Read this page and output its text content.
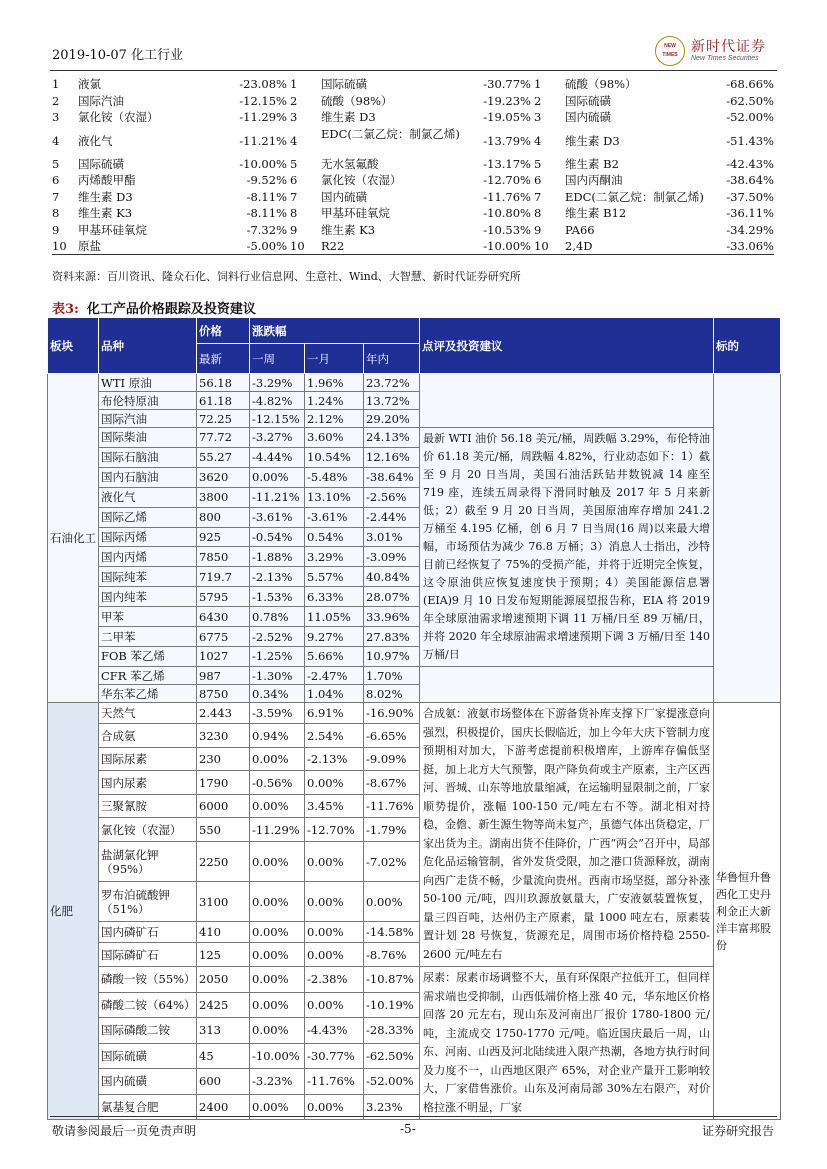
2019-10-07 化工行业
NEW TIMES 新时代证券
New Times Securities
1	液氯	-23.08% 1	国际硫磺	-30.77% 1	硫酸（98%）	-68.66%
2	国际汽油	-12.15% 2	硫酸（98%）	-19.23% 2	国际硫磺	-62.50%
3	氯化铵（农湿）	-11.29% 3	维生素 D3	-19.05% 3	国内硫磺	-52.00%
4	液化气	-11.21% 4	EDC(二氯乙烷：制氯乙烯)	-13.79% 4	维生素 D3	-51.43%
5	国际硫磺	-10.00% 5	无水氢氟酸	-13.17% 5	维生素 B2	-42.43%
6	丙烯酸甲酯	-9.52% 6	氯化铵（农湿）	-12.70% 6	国内丙酮油	-38.64%
7	维生素 D3	-8.11% 7	国内硫磺	-11.76% 7	EDC(二氯乙烷：制氯乙烯)	-37.50%
8	维生素 K3	-8.11% 8	甲基环硅氧烷	-10.80% 8	维生素 B12	-36.11%
9	甲基环硅氧烷	-7.32% 9	维生素 K3	-10.53% 9	PA66	-34.29%
10 原盐	-5.00% 10	R22	-10.00% 10	2,4D	-33.06%
资料来源：百川资讯、隆众石化、饲料行业信息网、生意社、Wind、大智慧、新时代证券研究所
表3: 化工产品价格跟踪及投资建议
板块	品种	价格	涨跌幅			点评及投资建议	标的
		最新	一周	一月	年内		
石油化工	WTI 原油	56.18	-3.29%	1.96%	23.72%		
	布伦特原油	61.18	-4.82%	1.24%	13.72%		
	国际汽油	72.25	-12.15%	2.12%	29.20%		
	国际柴油	77.72	-3.27%	3.60%	24.13%	最新 WTI 油价 56.18 美元/桶，周跌幅 3.29%，布伦特油价 61.18 美元/桶，周跌幅 4.82%，行业动态如下：1）截至 9 月 20 日当周，美国石油活跃钻井数锐减 14 座至 719 座，连续五周录得下滑同时触及 2017 年 5 月来新低；2）截至 9 月 20 日当周，美国原油库存增加 241.2 万桶至 4.195 亿桶，创 6 月 7 日当周(16 周)以来最大增幅，市场预估为减少 76.8 万桶；3）消息人士指出，沙特目前已经恢复了 75%的受损产能，并将于近期完全恢复，这令原油供应恢复速度快于预期；4）美国能源信息署(EIA)9 月 10 日发布短期能源展望报告称，EIA 将 2019 年全球原油需求增速预期下调 11 万桶/日至 89 万桶/日，并将 2020 年全球原油需求增速预期下调 3 万桶/日至 140 万桶/日	
	国际石脑油	55.27	-4.44%	10.54%	12.16%		
	国内石脑油	3620	0.00%	-5.48%	-38.64%		
	液化气	3800	-11.21%	13.10%	-2.56%		
	国际乙烯	800	-3.61%	-3.61%	-2.44%		
	国际丙烯	925	-0.54%	0.54%	3.01%		
	国内丙烯	7850	-1.88%	3.29%	-3.09%		
	国际纯苯	719.7	-2.13%	5.57%	40.84%		
	国内纯苯	5795	-1.53%	6.33%	28.07%		
	甲苯	6430	0.78%	11.05%	33.96%		
	二甲苯	6775	-2.52%	9.27%	27.83%		
	FOB 苯乙烯	1027	-1.25%	5.66%	10.97%		
	CFR 苯乙烯	987	-1.30%	-2.47%	1.70%		
	华东苯乙烯	8750	0.34%	1.04%	8.02%		
化肥	天然气	2.443	-3.59%	6.91%	-16.90%	合成氨：液氨市场整体在下游备货补库支撑下厂家提涨意向强烈，积极提价，国庆长假临近，加上今年大庆下管制力度预期相对加大，下游考虑提前积极增库，上游库存偏低坚挺，加上北方大气预警，限产降负荷或主产原素，主产区西河、晋城、山东等地放量缩减，在运输明显限制之前，厂家顺势提价，涨幅 100-150 元/吨左右不等。湖北相对持稳，金儋、新生源生物等尚未复产，虽德气体出货稳定，厂家出货为主。湖南出货不佳降价，广西“两会”召开中，局部危化品运输管制，省外发货受限，加之港口货源释放，湖南向西广走货不畅，少量流向贵州。西南市场坚挺，部分补涨 50-100 元/吨，四川玖源放氨量大，广安液氨装置恢复，量三四百吨，达州仍主产原素，量 1000 吨左右，原素装置计划 28 号恢复，货源充足，周围市场价格持稳 2550-2600 元/吨左右	华鲁恒升鲁西化工史丹利金正大新洋丰富邦股份
	合成氨	3230	0.94%	2.54%	-6.65%		
	国际尿素	230	0.00%	-2.13%	-9.09%		
	国内尿素	1790	-0.56%	0.00%	-8.67%		
	三聚氰胺	6000	0.00%	3.45%	-11.76%		
	氯化铵（农湿）	550	-11.29%	-12.70%	-1.79%		
	盐湖氯化钾（95%）	2250	0.00%	0.00%	-7.02%		
	罗布泊硫酸钾（51%）	3100	0.00%	0.00%	0.00%		
	国内磷矿石	410	0.00%	0.00%	-14.58%		
	国际磷矿石	125	0.00%	0.00%	-8.76%		
	磷酸一铵（55%）	2050	0.00%	-2.38%	-10.87%	尿素：尿素市场调整不大，虽有环保限产拉低开工，但同样需求端也受抑制，山西低端价格上涨 40 元，华东地区价格回落 20 元左右，现山东及河南出厂报价 1780-1800 元/吨，主流成交 1750-1770 元/吨。临近国庆最后一周，山东、河南、山西及河北陆续进入限产热潮，各地方执行时间及力度不一，山西地区限产 65%，对企业产量开工影响较大，厂家借售涨价。山东及河南局部 30%左右限产，对价格拉涨不明显，厂家	
	磷酸二铵（64%）	2425	0.00%	0.00%	-10.19%		
	国际磷酸二铵	313	0.00%	-4.43%	-28.33%		
	国际硫磺	45	-10.00%	-30.77%	-62.50%		
	国内硫磺	600	-3.23%	-11.76%	-52.00%		
	氯基复合肥	2400	0.00%	0.00%	3.23%		
敬请参阅最后一页免责声明	-5-	证券研究报告
